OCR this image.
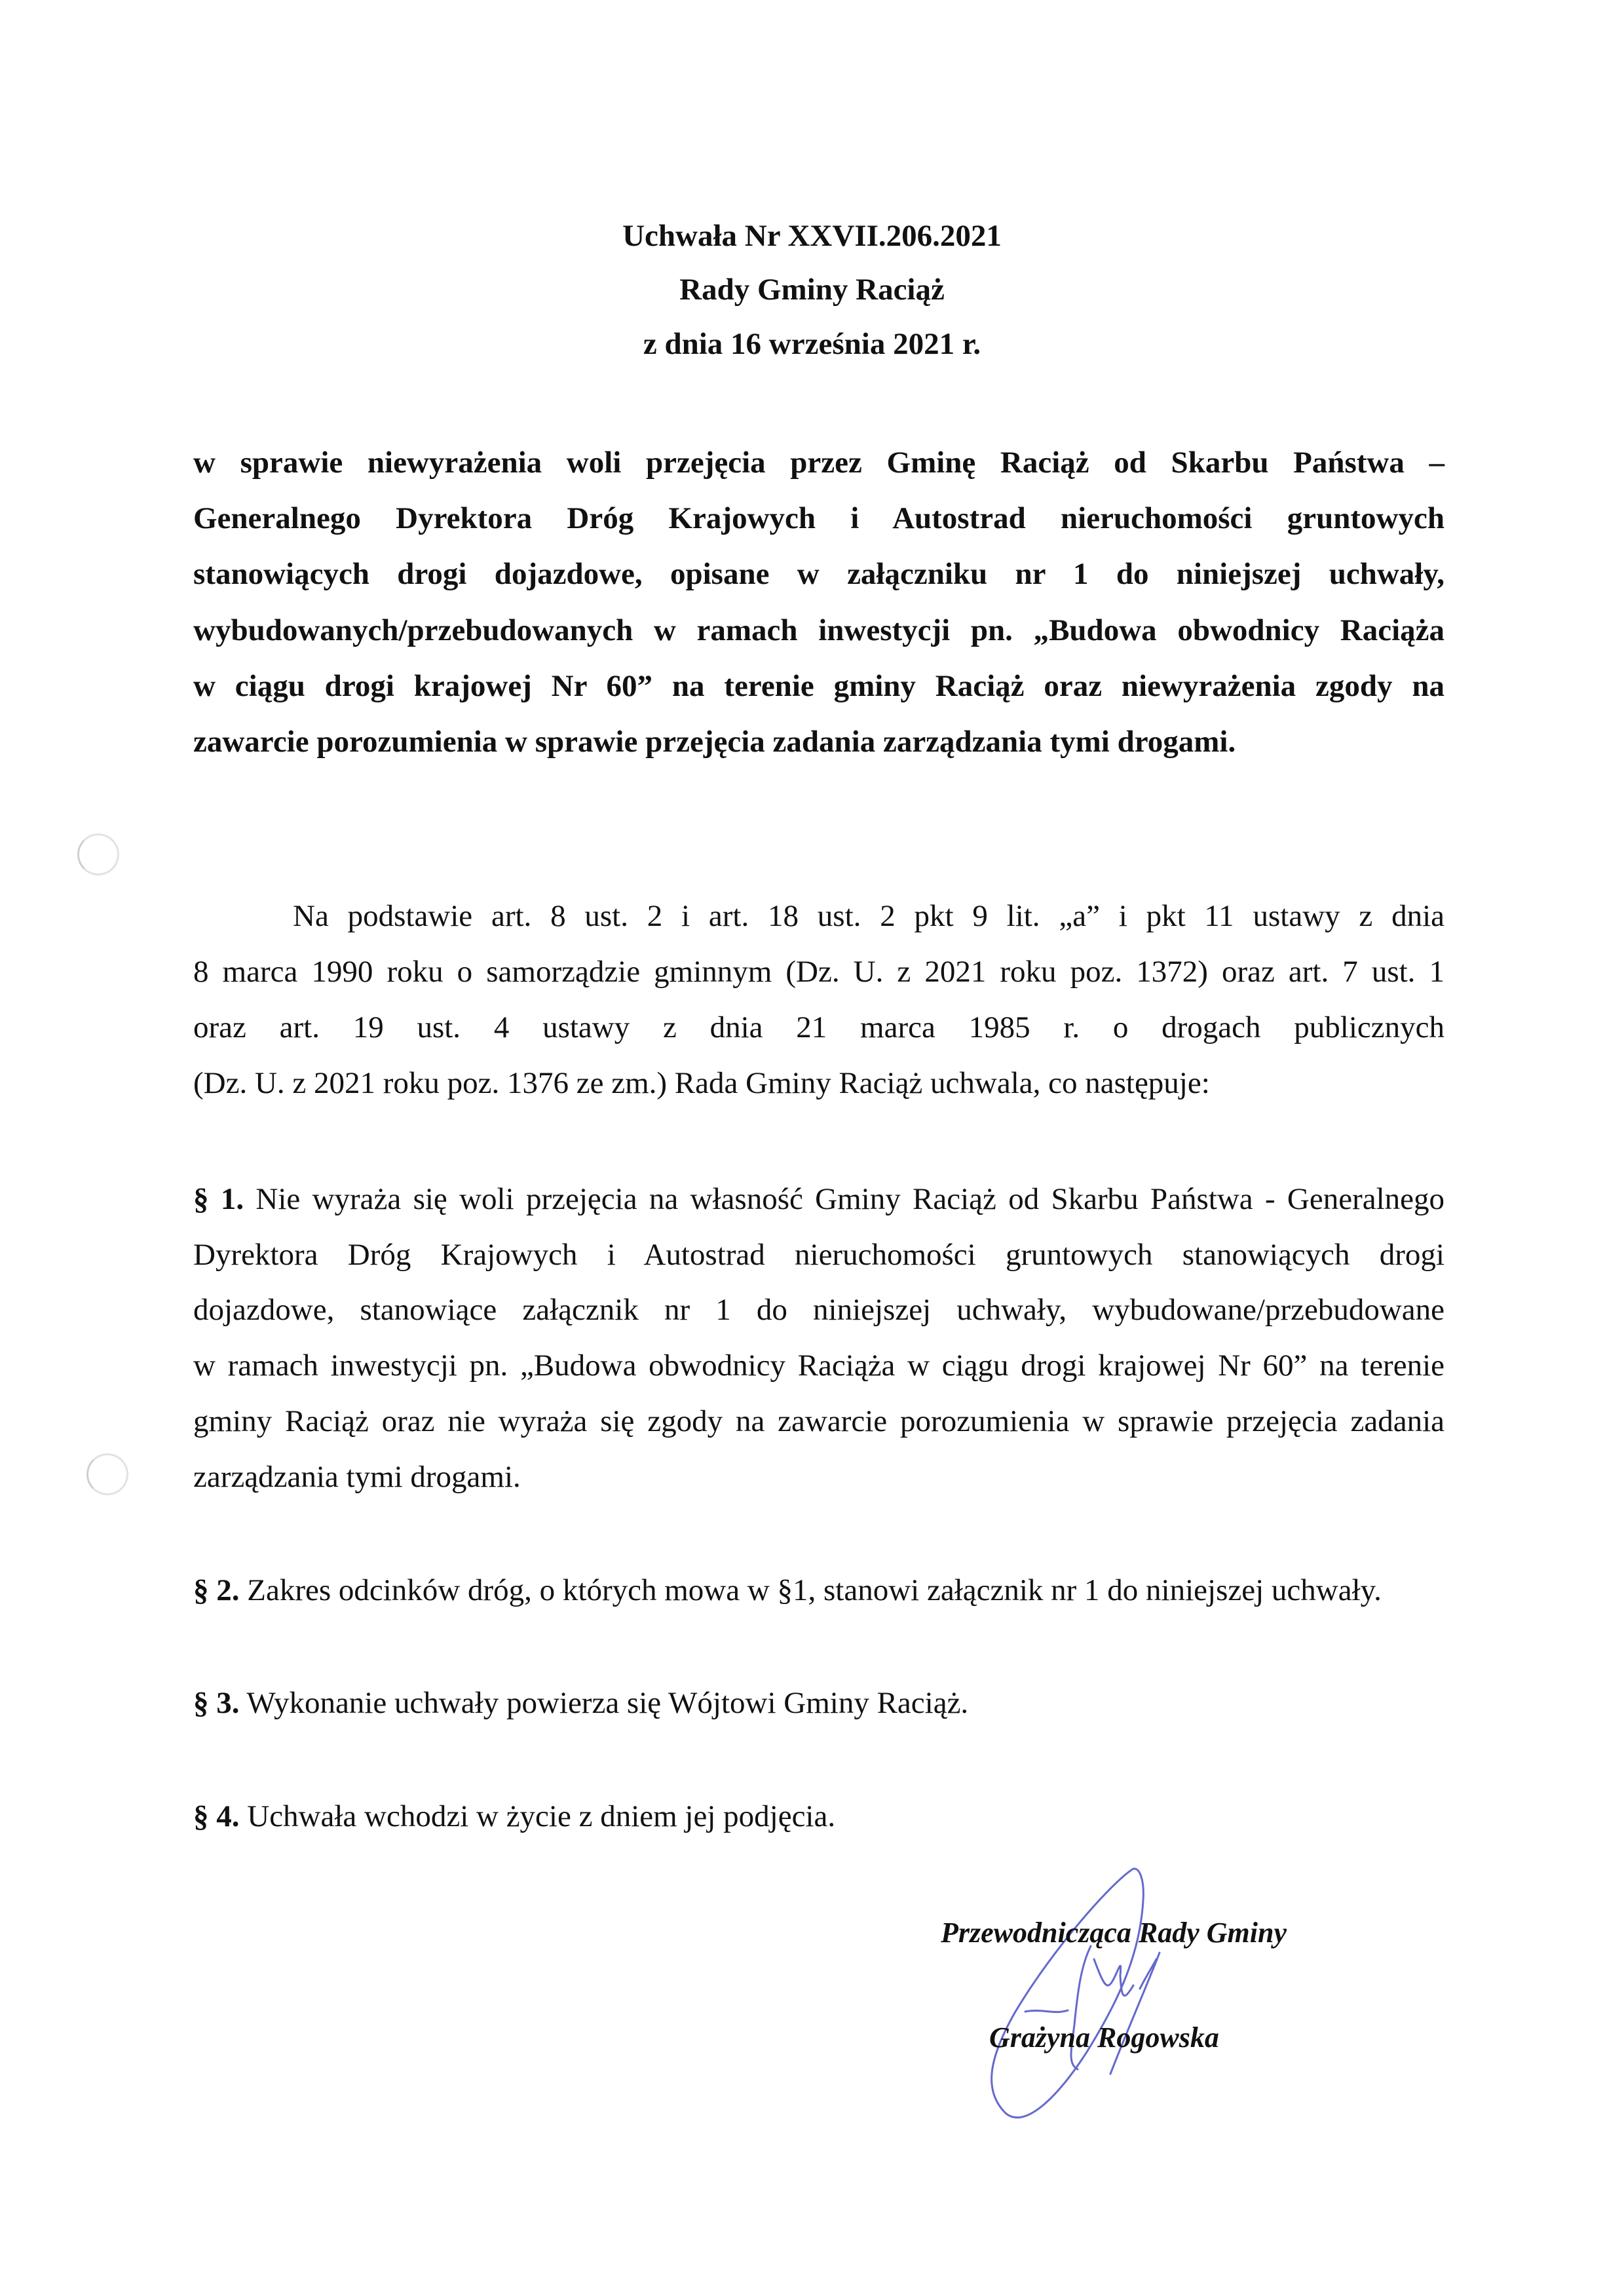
Uchwała Nr XXVII.206.2021
Rady Gminy Raciąż
z dnia 16 września 2021 r.
w sprawie niewyrażenia woli przejęcia przez Gminę Raciąż od Skarbu Państwa –
Generalnego Dyrektora Dróg Krajowych i Autostrad nieruchomości gruntowych
stanowiących drogi dojazdowe, opisane w załączniku nr 1 do niniejszej uchwały,
wybudowanych/przebudowanych w ramach inwestycji pn. „Budowa obwodnicy Raciąża
w ciągu drogi krajowej Nr 60” na terenie gminy Raciąż oraz niewyrażenia zgody na
zawarcie porozumienia w sprawie przejęcia zadania zarządzania tymi drogami.
Na podstawie art. 8 ust. 2 i art. 18 ust. 2 pkt 9 lit. „a” i pkt 11 ustawy z dnia
8 marca 1990 roku o samorządzie gminnym (Dz. U. z 2021 roku poz. 1372) oraz art. 7 ust. 1
oraz art. 19 ust. 4 ustawy z dnia 21 marca 1985 r. o drogach publicznych
(Dz. U. z 2021 roku poz. 1376 ze zm.) Rada Gminy Raciąż uchwala, co następuje:
§ 1. Nie wyraża się woli przejęcia na własność Gminy Raciąż od Skarbu Państwa - Generalnego
Dyrektora Dróg Krajowych i Autostrad nieruchomości gruntowych stanowiących drogi
dojazdowe, stanowiące załącznik nr 1 do niniejszej uchwały, wybudowane/przebudowane
w ramach inwestycji pn. „Budowa obwodnicy Raciąża w ciągu drogi krajowej Nr 60” na terenie
gminy Raciąż oraz nie wyraża się zgody na zawarcie porozumienia w sprawie przejęcia zadania
zarządzania tymi drogami.
§ 2. Zakres odcinków dróg, o których mowa w §1, stanowi załącznik nr 1 do niniejszej uchwały.
§ 3. Wykonanie uchwały powierza się Wójtowi Gminy Raciąż.
§ 4. Uchwała wchodzi w życie z dniem jej podjęcia.
Przewodnicząca Rady Gminy
Grażyna Rogowska
